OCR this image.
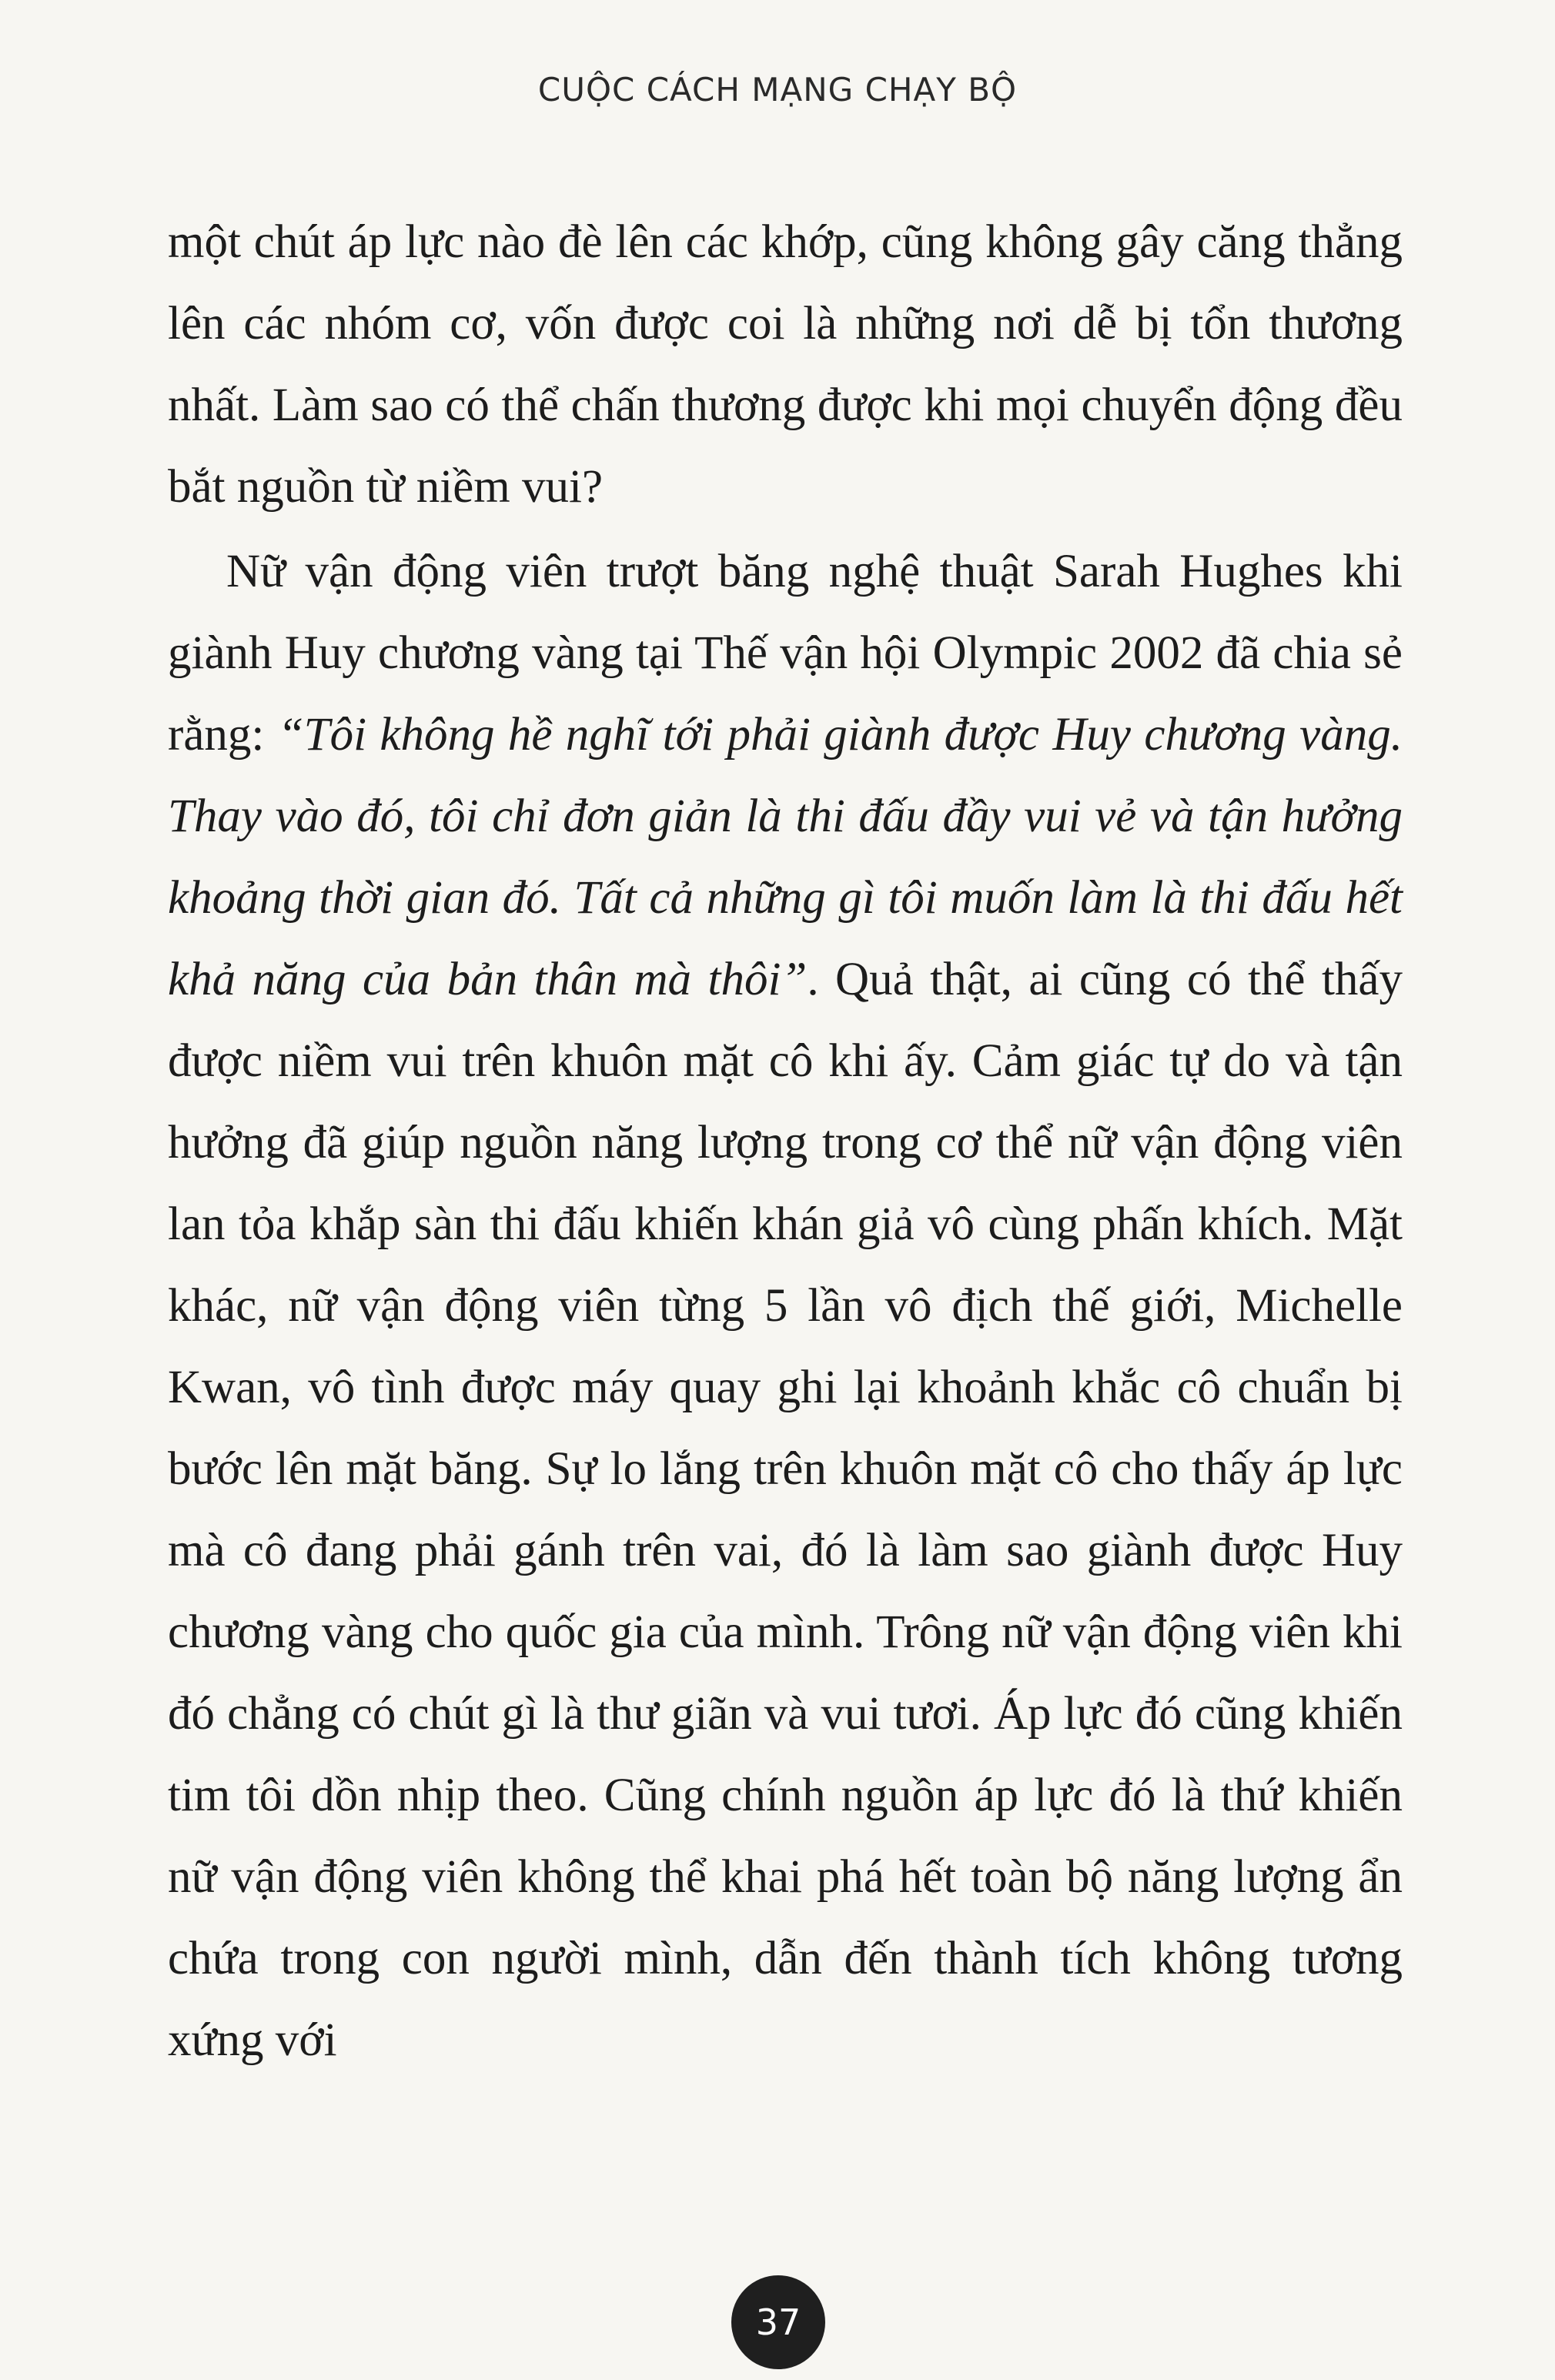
CUỘC CÁCH MẠNG CHẠY BỘ

một chút áp lực nào đè lên các khớp, cũng không gây căng thẳng lên các nhóm cơ, vốn được coi là những nơi dễ bị tổn thương nhất. Làm sao có thể chấn thương được khi mọi chuyển động đều bắt nguồn từ niềm vui?

Nữ vận động viên trượt băng nghệ thuật Sarah Hughes khi giành Huy chương vàng tại Thế vận hội Olympic 2002 đã chia sẻ rằng: “Tôi không hề nghĩ tới phải giành được Huy chương vàng. Thay vào đó, tôi chỉ đơn giản là thi đấu đầy vui vẻ và tận hưởng khoảng thời gian đó. Tất cả những gì tôi muốn làm là thi đấu hết khả năng của bản thân mà thôi”. Quả thật, ai cũng có thể thấy được niềm vui trên khuôn mặt cô khi ấy. Cảm giác tự do và tận hưởng đã giúp nguồn năng lượng trong cơ thể nữ vận động viên lan tỏa khắp sàn thi đấu khiến khán giả vô cùng phấn khích. Mặt khác, nữ vận động viên từng 5 lần vô địch thế giới, Michelle Kwan, vô tình được máy quay ghi lại khoảnh khắc cô chuẩn bị bước lên mặt băng. Sự lo lắng trên khuôn mặt cô cho thấy áp lực mà cô đang phải gánh trên vai, đó là làm sao giành được Huy chương vàng cho quốc gia của mình. Trông nữ vận động viên khi đó chẳng có chút gì là thư giãn và vui tươi. Áp lực đó cũng khiến tim tôi dồn nhịp theo. Cũng chính nguồn áp lực đó là thứ khiến nữ vận động viên không thể khai phá hết toàn bộ năng lượng ẩn chứa trong con người mình, dẫn đến thành tích không tương xứng với

37
